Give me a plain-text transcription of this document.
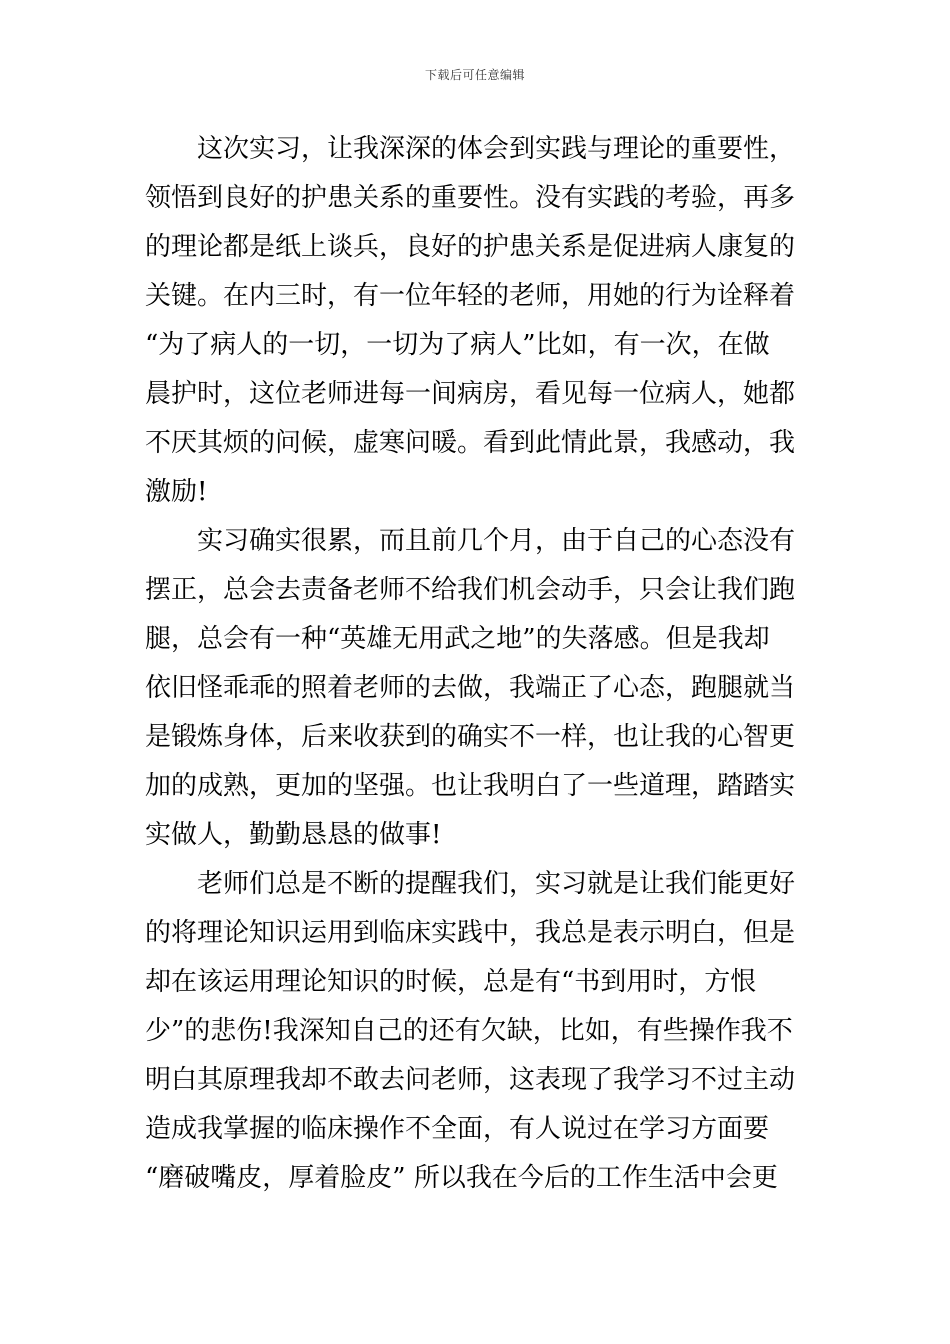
下载后可任意编辑
这次实习，让我深深的体会到实践与理论的重要性，
领悟到良好的护患关系的重要性。没有实践的考验，再多
的理论都是纸上谈兵，良好的护患关系是促进病人康复的
关键。在内三时，有一位年轻的老师，用她的行为诠释着
“为了病人的一切，一切为了病人”比如，有一次，在做
晨护时，这位老师进每一间病房，看见每一位病人，她都
不厌其烦的问候，虚寒问暖。看到此情此景，我感动，我
激励!
实习确实很累，而且前几个月，由于自己的心态没有
摆正，总会去责备老师不给我们机会动手，只会让我们跑
腿，总会有一种“英雄无用武之地”的失落感。但是我却
依旧怪乖乖的照着老师的去做，我端正了心态，跑腿就当
是锻炼身体，后来收获到的确实不一样，也让我的心智更
加的成熟，更加的坚强。也让我明白了一些道理，踏踏实
实做人，勤勤恳恳的做事!
老师们总是不断的提醒我们，实习就是让我们能更好
的将理论知识运用到临床实践中，我总是表示明白，但是
却在该运用理论知识的时候，总是有“书到用时，方恨
少”的悲伤!我深知自己的还有欠缺，比如，有些操作我不
明白其原理我却不敢去问老师，这表现了我学习不过主动
造成我掌握的临床操作不全面，有人说过在学习方面要
“磨破嘴皮，厚着脸皮” 所以我在今后的工作生活中会更
